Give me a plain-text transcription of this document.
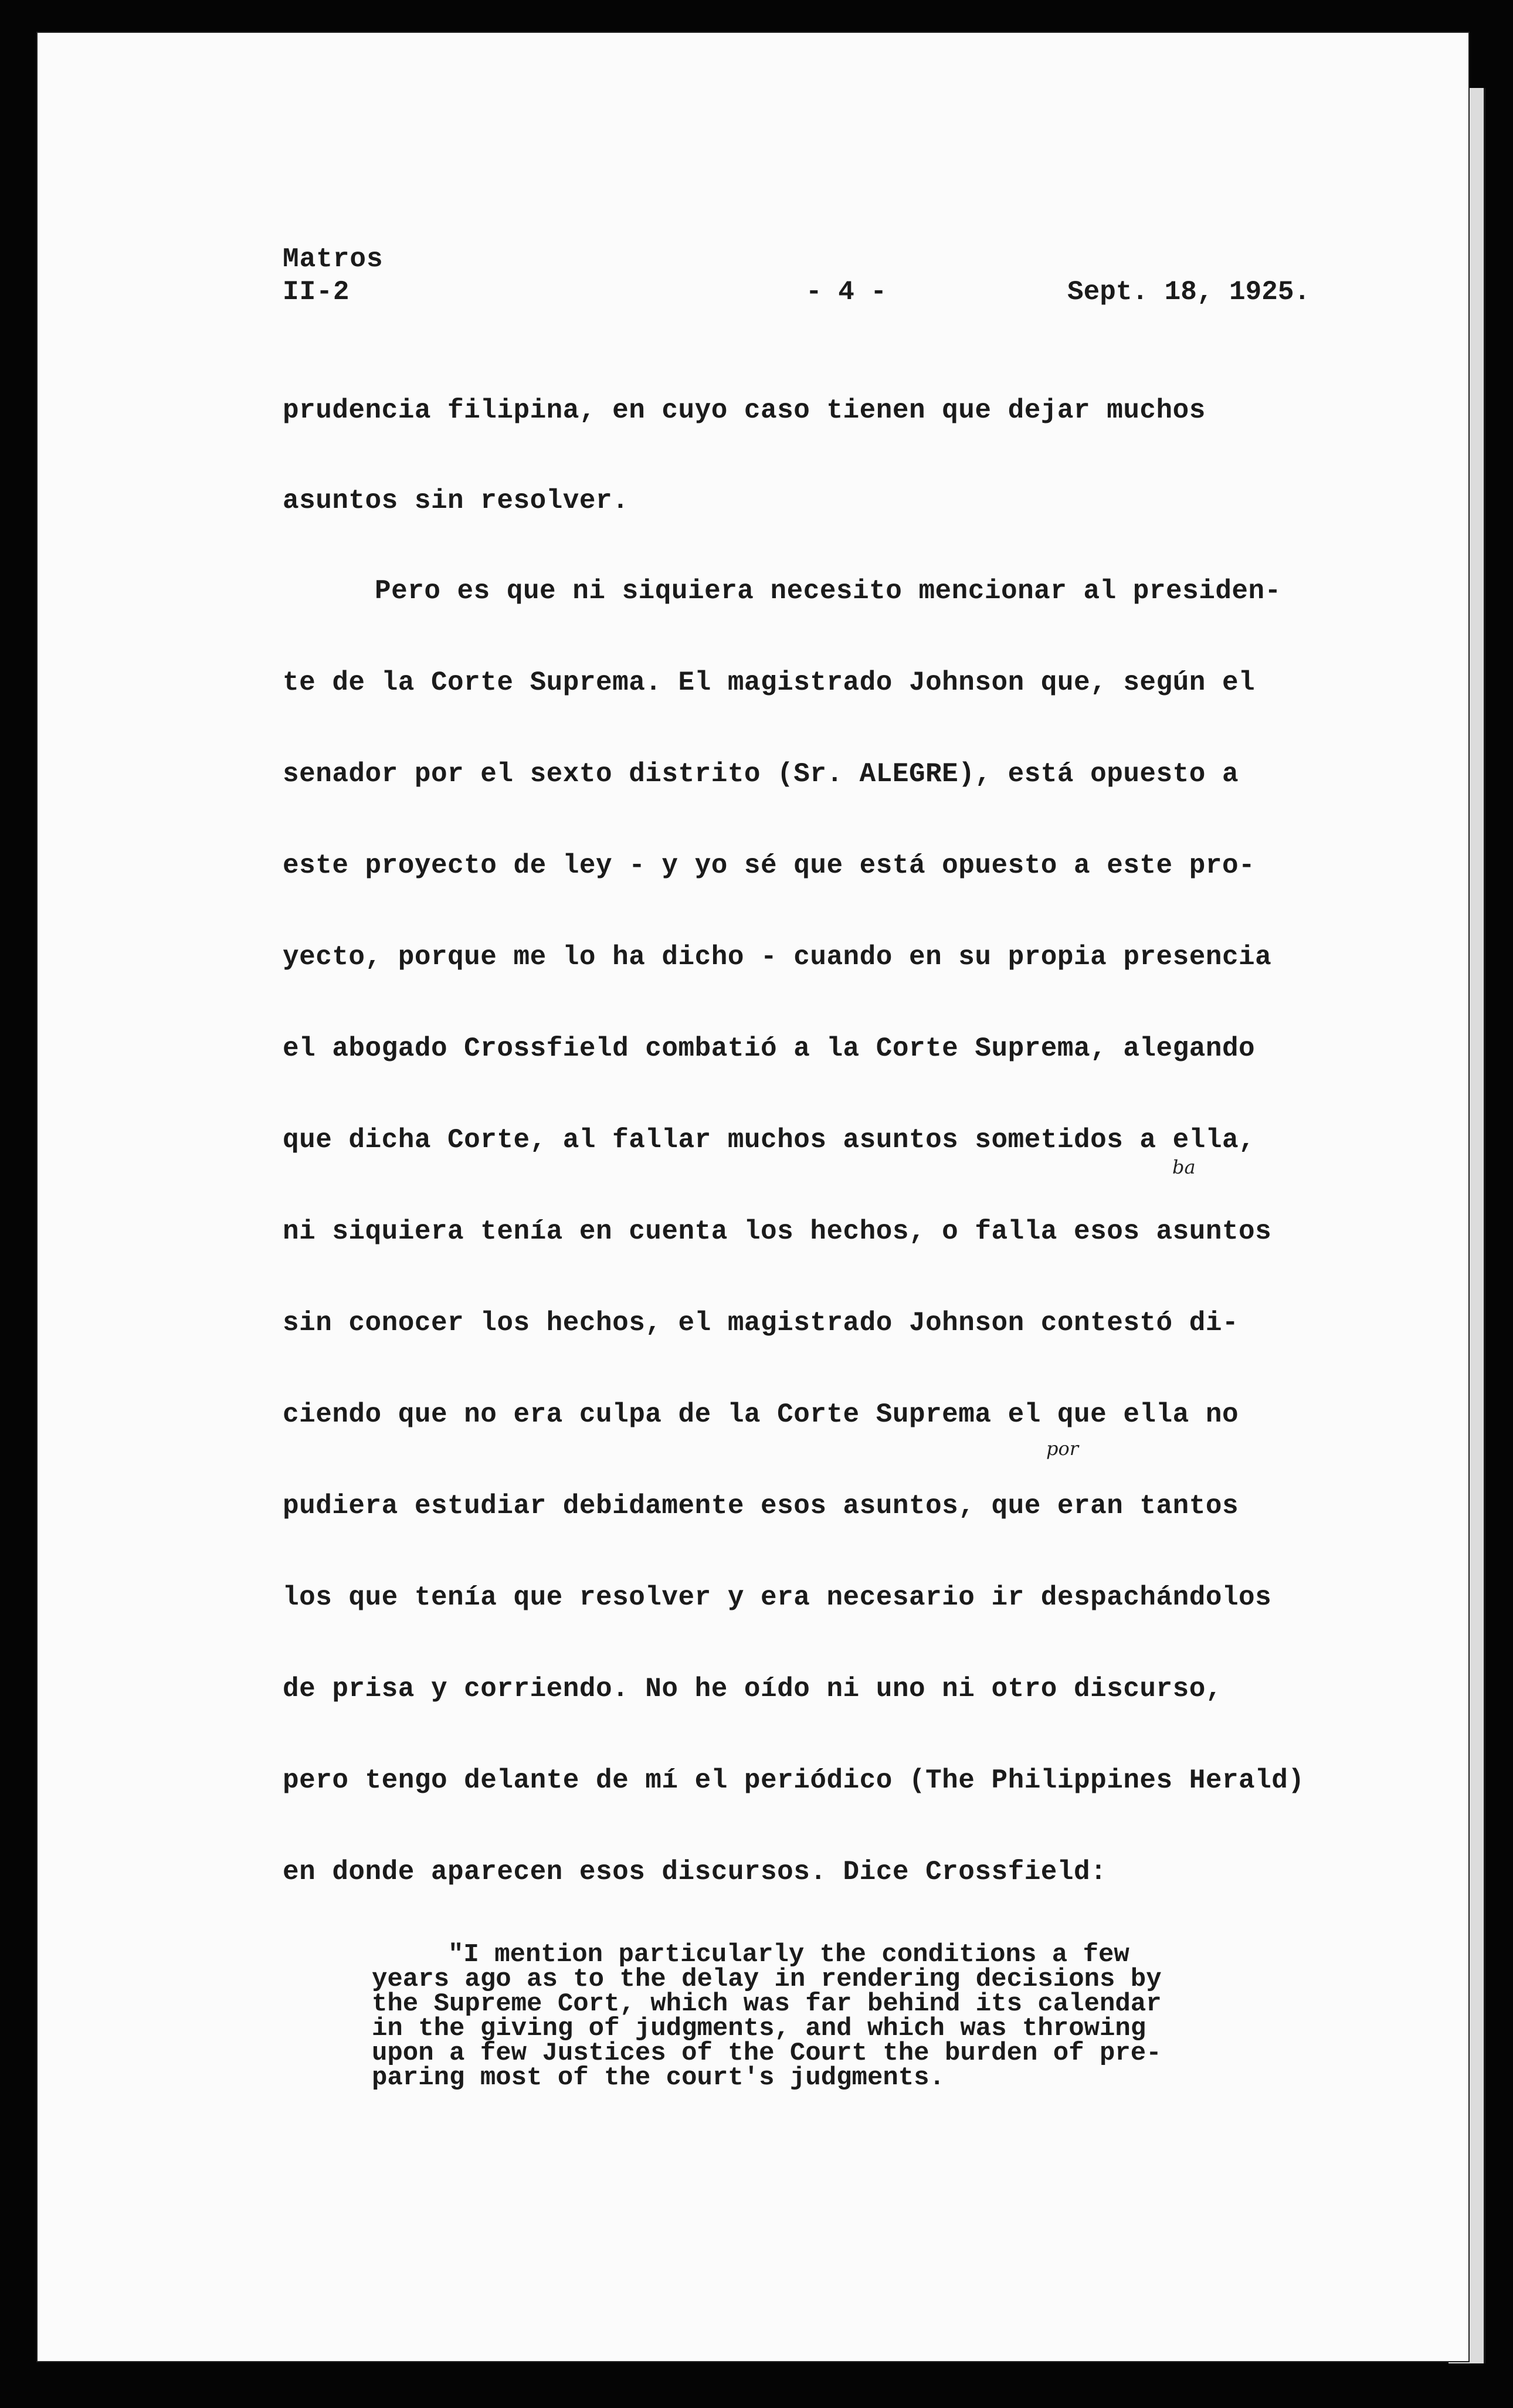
Matros
II-2	- 4 -	Sept. 18, 1925.
prudencia filipina, en cuyo caso tienen que dejar muchos
asuntos sin resolver.
Pero es que ni siquiera necesito mencionar al presiden-
te de la Corte Suprema. El magistrado Johnson que, según el
senador por el sexto distrito (Sr. ALEGRE), está opuesto a
este proyecto de ley - y yo sé que está opuesto a este pro-
yecto, porque me lo ha dicho - cuando en su propia presencia
el abogado Crossfield combatió a la Corte Suprema, alegando
que dicha Corte, al fallar muchos asuntos sometidos a ella,
ni siquiera tenía en cuenta los hechos, o falla esos asuntos
sin conocer los hechos, el magistrado Johnson contestó di-
ciendo que no era culpa de la Corte Suprema el que ella no
pudiera estudiar debidamente esos asuntos, que eran tantos
los que tenía que resolver y era necesario ir despachándolos
de prisa y corriendo. No he oído ni uno ni otro discurso,
pero tengo delante de mí el periódico (The Philippines Herald)
en donde aparecen esos discursos. Dice Crossfield:
ba
por
"I mention particularly the conditions a few
years ago as to the delay in rendering decisions by
the Supreme Cort, which was far behind its calendar
in the giving of judgments, and which was throwing
upon a few Justices of the Court the burden of pre-
paring most of the court's judgments.
